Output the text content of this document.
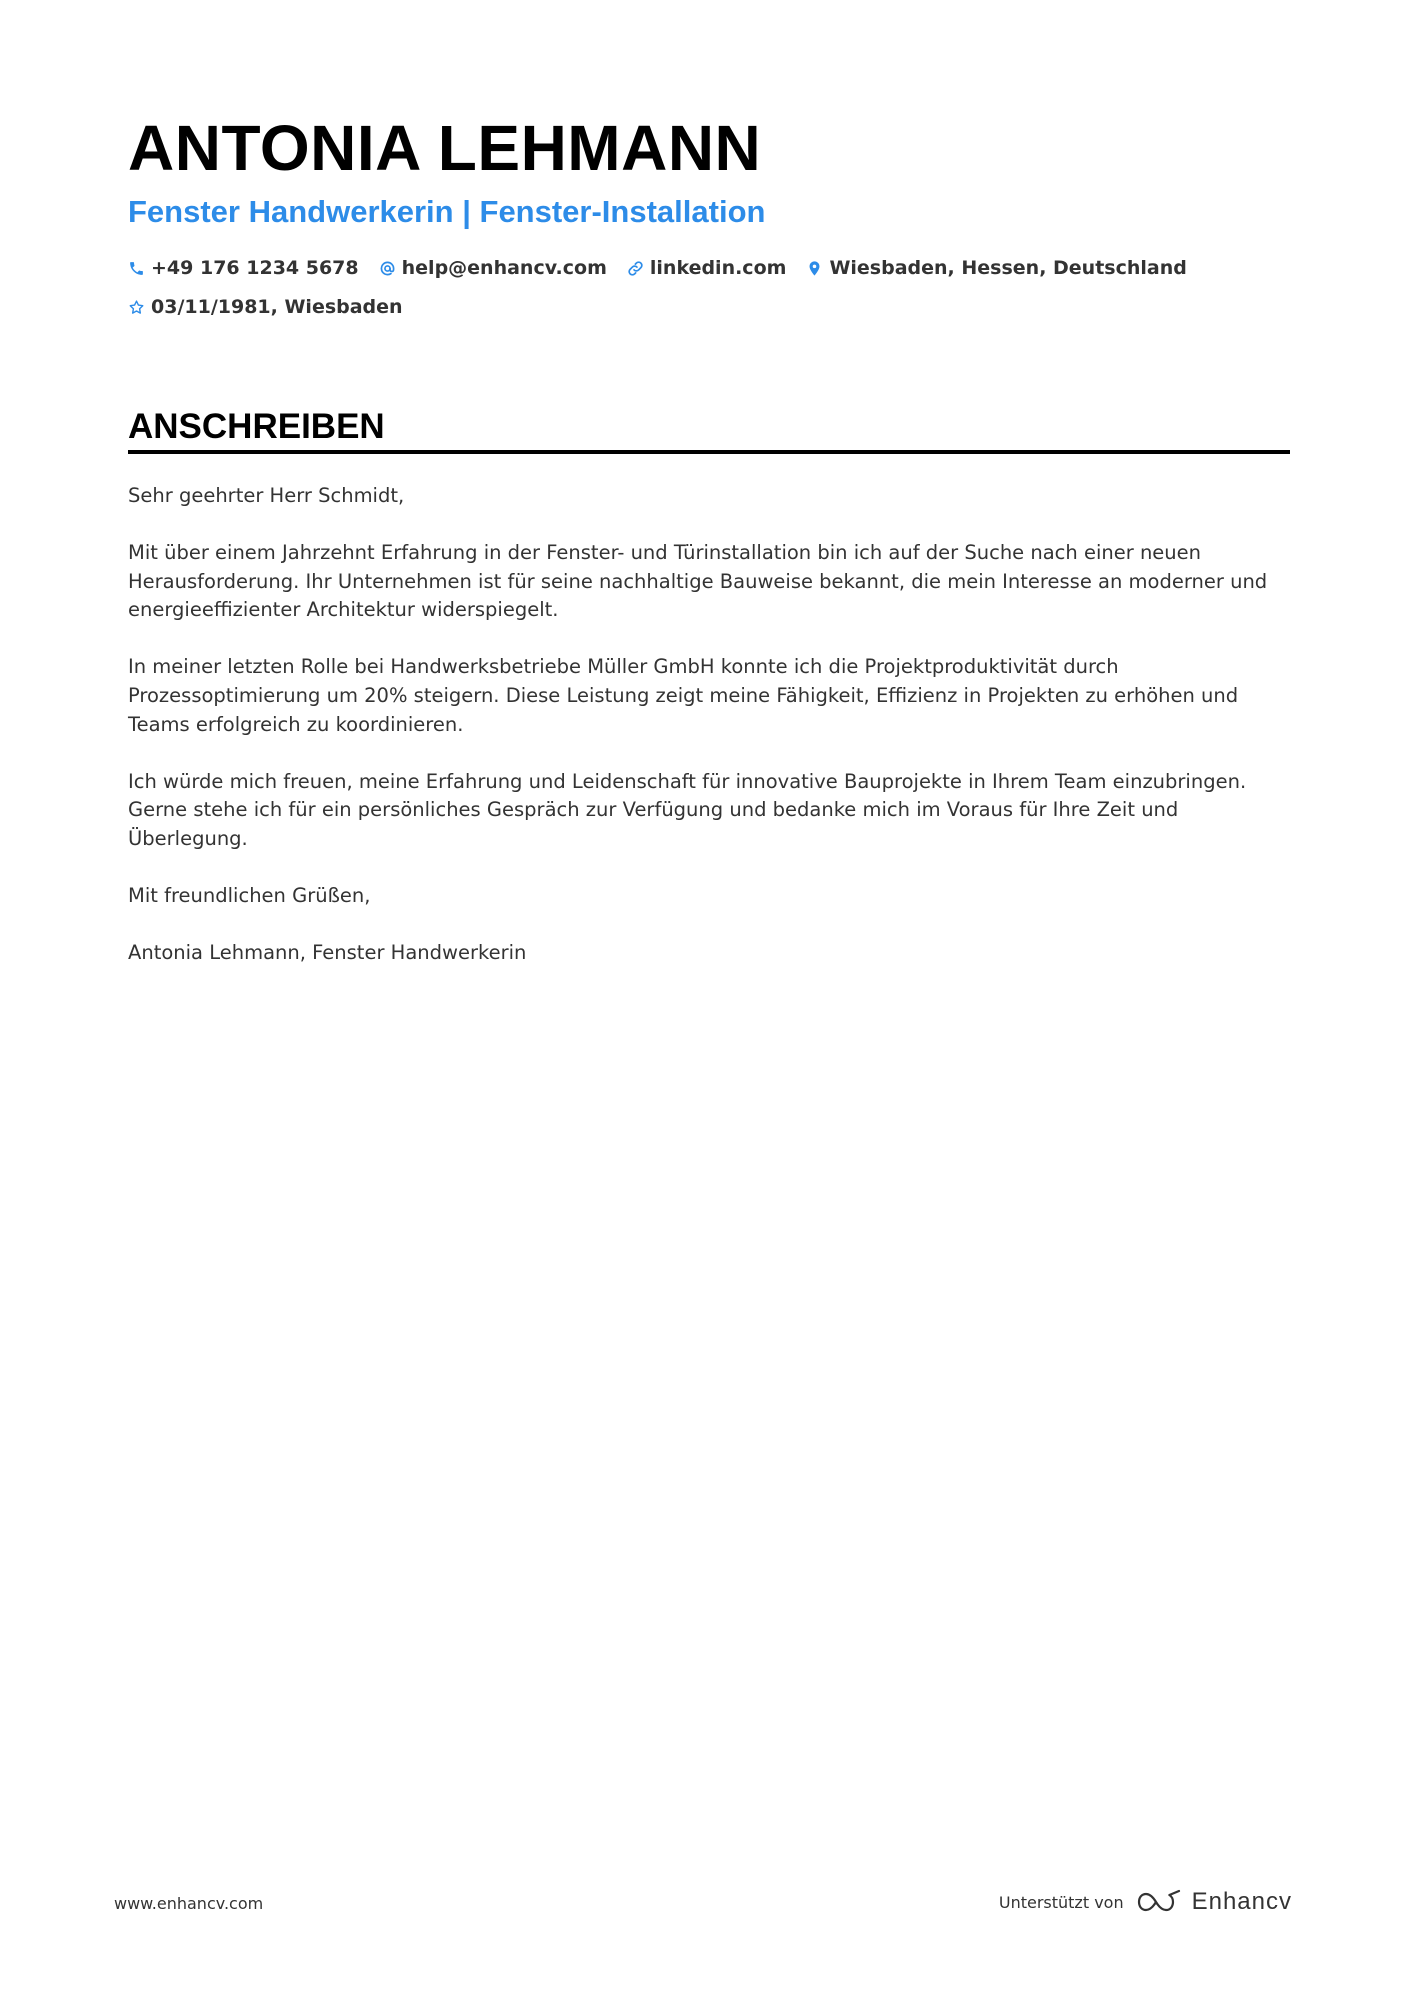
ANTONIA LEHMANN
Fenster Handwerkerin | Fenster-Installation
+49 176 1234 5678 help@enhancv.com linkedin.com Wiesbaden, Hessen, Deutschland
03/11/1981, Wiesbaden
ANSCHREIBEN

Sehr geehrter Herr Schmidt,

Mit über einem Jahrzehnt Erfahrung in der Fenster- und Türinstallation bin ich auf der Suche nach einer neuen Herausforderung. Ihr Unternehmen ist für seine nachhaltige Bauweise bekannt, die mein Interesse an moderner und energieeffizienter Architektur widerspiegelt.

In meiner letzten Rolle bei Handwerksbetriebe Müller GmbH konnte ich die Projektproduktivität durch Prozessoptimierung um 20% steigern. Diese Leistung zeigt meine Fähigkeit, Effizienz in Projekten zu erhöhen und Teams erfolgreich zu koordinieren.

Ich würde mich freuen, meine Erfahrung und Leidenschaft für innovative Bauprojekte in Ihrem Team einzubringen. Gerne stehe ich für ein persönliches Gespräch zur Verfügung und bedanke mich im Voraus für Ihre Zeit und Überlegung.

Mit freundlichen Grüßen,

Antonia Lehmann, Fenster Handwerkerin

www.enhancv.com	Unterstützt von	Enhancv
